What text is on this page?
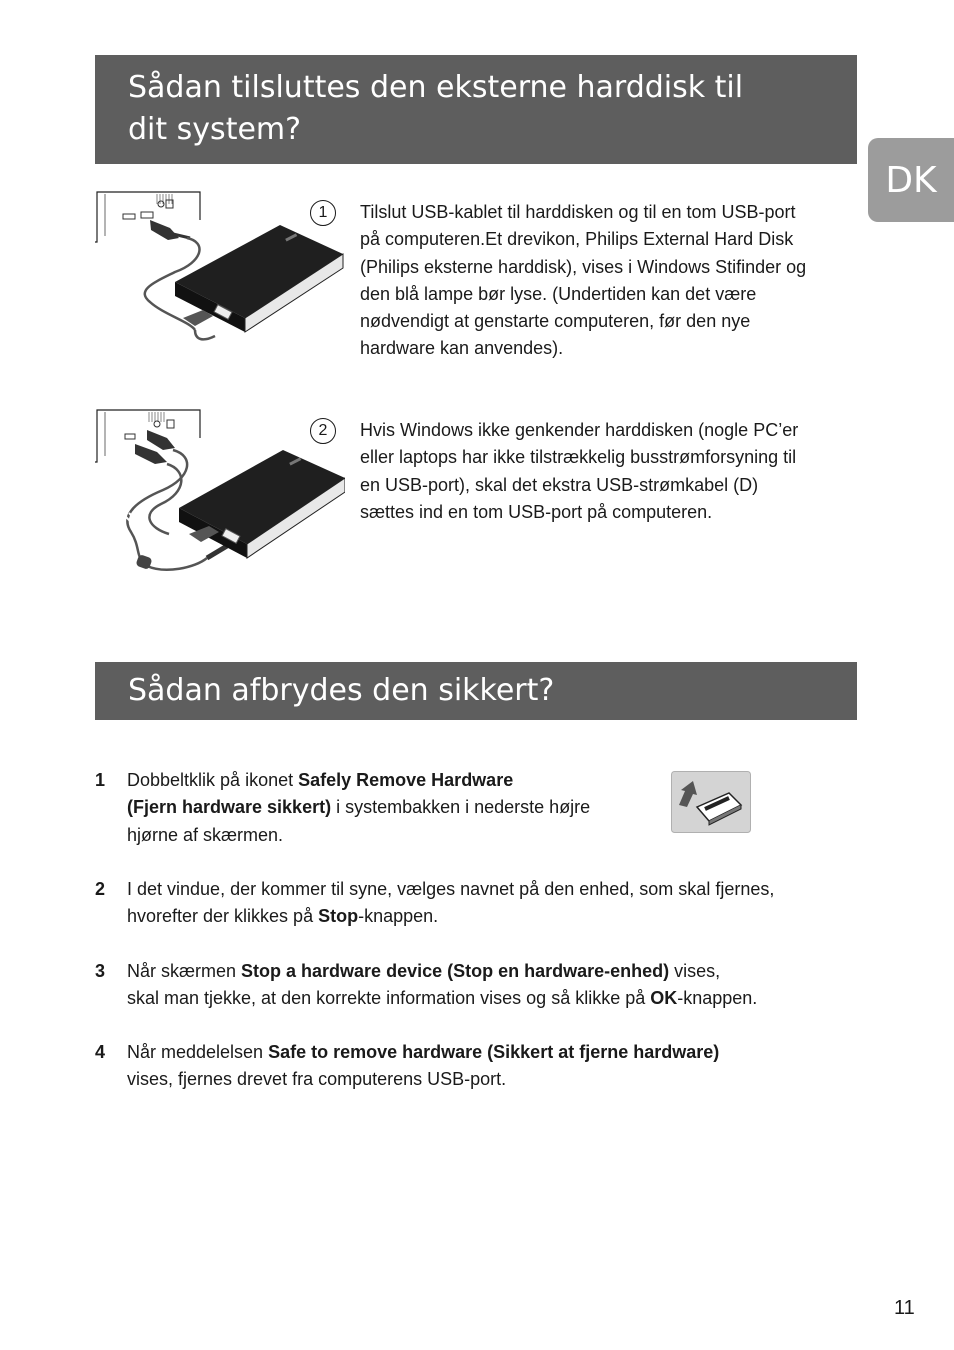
Sådan tilsluttes den eksterne harddisk til
dit system?
DK
1	Tilslut USB-kablet til harddisken og til en tom USB-port
på computeren.Et drevikon, Philips External Hard Disk
(Philips eksterne harddisk), vises i Windows Stifinder og
den blå lampe bør lyse. (Undertiden kan det være
nødvendigt at genstarte computeren, før den nye
hardware kan anvendes).

2	Hvis Windows ikke genkender harddisken (nogle PC’er
eller laptops har ikke tilstrækkelig busstrømforsyning til
en USB-port), skal det ekstra USB-strømkabel (D)
sættes ind en tom USB-port på computeren.

Sådan afbrydes den sikkert?
1 Dobbeltklik på ikonet Safely Remove Hardware
(Fjern hardware sikkert) i systembakken i nederste højre
hjørne af skærmen.

2 I det vindue, der kommer til syne, vælges navnet på den enhed, som skal fjernes,
hvorefter der klikkes på Stop-knappen.

3 Når skærmen Stop a hardware device (Stop en hardware-enhed) vises,
skal man tjekke, at den korrekte information vises og så klikke på OK-knappen.

4 Når meddelelsen Safe to remove hardware (Sikkert at fjerne hardware)
vises, fjernes drevet fra computerens USB-port.

11
